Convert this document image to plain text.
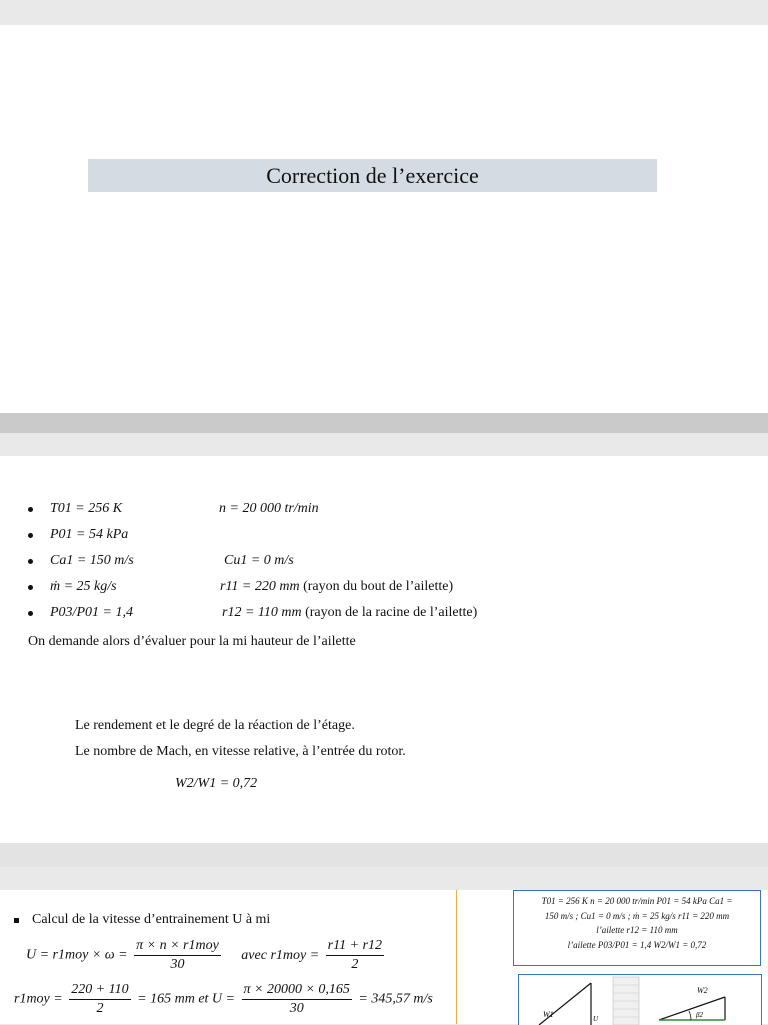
Correction de l’exercice
T01 = 256 K	n = 20 000 tr/min
P01 = 54 kPa
Ca1 = 150 m/s	Cu1 = 0 m/s
ṁ = 25 kg/s	r11 = 220 mm (rayon du bout de l’ailette)
P03/P01 = 1,4	r12 = 110 mm (rayon de la racine de l’ailette)
On demande alors d’évaluer pour la mi hauteur de l’ailette
Le rendement et le degré de la réaction de l’étage.
Le nombre de Mach, en vitesse relative, à l’entrée du rotor.
W2/W1 = 0,72
Calcul de la vitesse d’entrainement U à mi
$U = r1moy \times \omega = \frac{\text{π × n × r1moy}}{30}$ avec $r1moy = \frac{r11 + r12}{2}$
$r1moy = \frac{220 + 110}{2} = 165$ mm et $U = \frac{\pi \times 20000 \times 0,165}{30} = 345,57$ m/s
T01 = 256 K n = 20 000 tr/min P01 = 54 kPa Ca1 =
150 m/s ; Cu1 = 0 m/s ; ṁ = 25 kg/s r11 = 220 mm
l’ailette r12 = 110 mm
l’ailette P03/P01 = 1,4 W2/W1 = 0,72
W1	U
W2
β2
